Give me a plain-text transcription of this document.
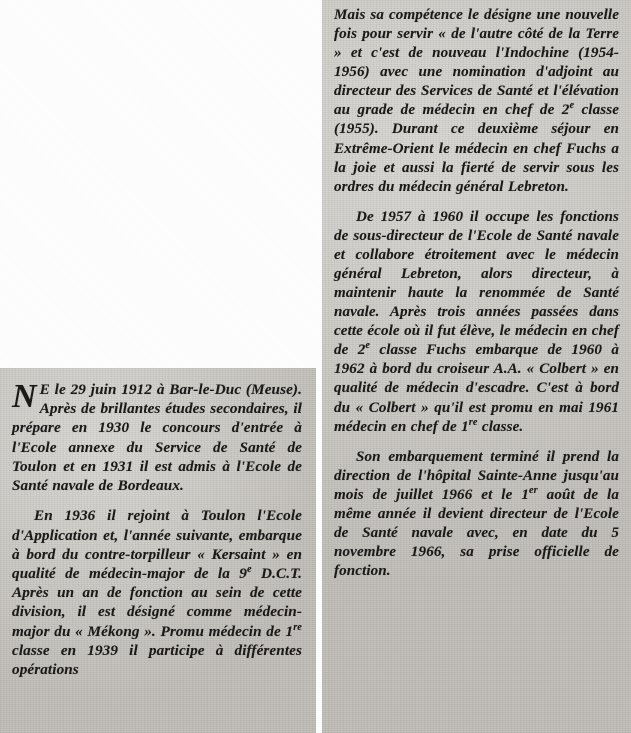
N E le 29 juin 1912 à Bar-le-Duc (Meuse). Après de brillantes études secondaires, il prépare en 1930 le concours d'entrée à l'Ecole annexe du Service de Santé de Toulon et en 1931 il est admis à l'Ecole de Santé navale de Bordeaux.

En 1936 il rejoint à Toulon l'Ecole d'Application et, l'année suivante, embarque à bord du contre-torpilleur « Kersaint » en qualité de médecin-major de la 9e D.C.T. Après un an de fonction au sein de cette division, il est désigné comme médecin-major du « Mékong ». Promu médecin de 1re classe en 1939 il participe à différentes opérations

Mais sa compétence le désigne une nouvelle fois pour servir « de l'autre côté de la Terre » et c'est de nouveau l'Indochine (1954-1956) avec une nomination d'adjoint au directeur des Services de Santé et l'élévation au grade de médecin en chef de 2e classe (1955). Durant ce deuxième séjour en Extrême-Orient le médecin en chef Fuchs a la joie et aussi la fierté de servir sous les ordres du médecin général Lebreton.

De 1957 à 1960 il occupe les fonctions de sous-directeur de l'Ecole de Santé navale et collabore étroitement avec le médecin général Lebreton, alors directeur, à maintenir haute la renommée de Santé navale. Après trois années passées dans cette école où il fut élève, le médecin en chef de 2e classe Fuchs embarque de 1960 à 1962 à bord du croiseur A.A. « Colbert » en qualité de médecin d'escadre. C'est à bord du « Colbert » qu'il est promu en mai 1961 médecin en chef de 1re classe.

Son embarquement terminé il prend la direction de l'hôpital Sainte-Anne jusqu'au mois de juillet 1966 et le 1er août de la même année il devient directeur de l'Ecole de Santé navale avec, en date du 5 novembre 1966, sa prise officielle de fonction.
